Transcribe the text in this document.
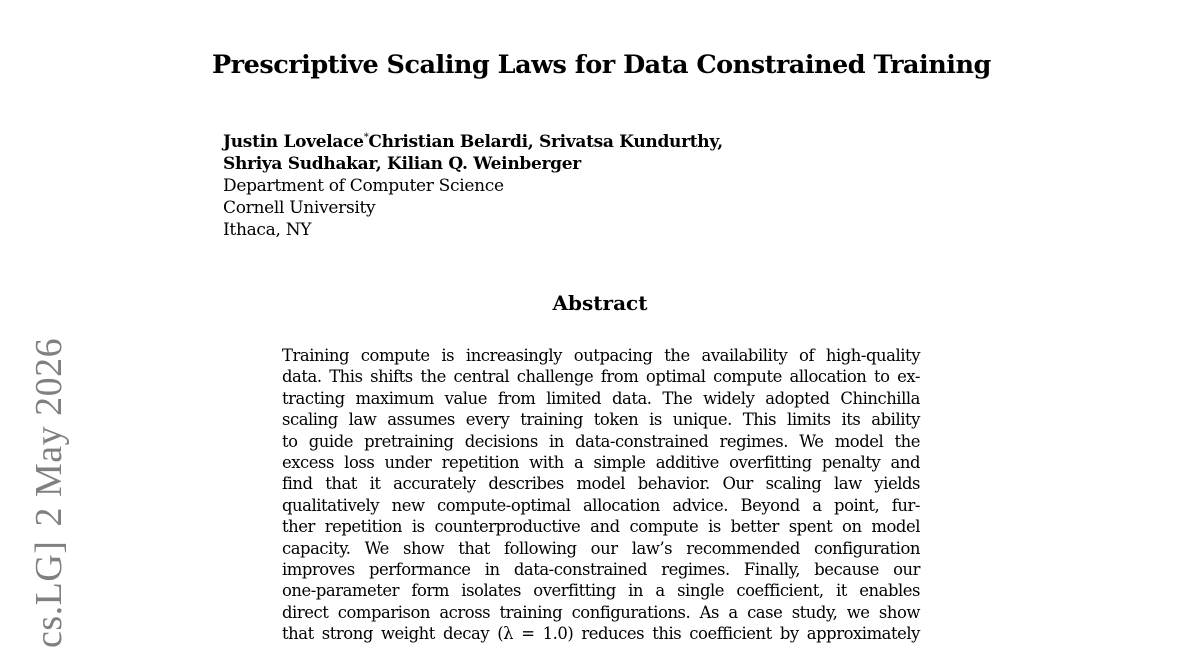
cs.LG]2 May 2026
Prescriptive Scaling Laws for Data Constrained Training
Justin Lovelace*Christian Belardi, Srivatsa Kundurthy,
Shriya Sudhakar, Kilian Q. Weinberger
Department of Computer Science
Cornell University
Ithaca, NY
Abstract
Training compute is increasingly outpacing the availability of high-quality
data. This shifts the central challenge from optimal compute allocation to ex-
tracting maximum value from limited data. The widely adopted Chinchilla
scaling law assumes every training token is unique. This limits its ability
to guide pretraining decisions in data-constrained regimes. We model the
excess loss under repetition with a simple additive overfitting penalty and
find that it accurately describes model behavior. Our scaling law yields
qualitatively new compute-optimal allocation advice. Beyond a point, fur-
ther repetition is counterproductive and compute is better spent on model
capacity. We show that following our law’s recommended configuration
improves performance in data-constrained regimes. Finally, because our
one-parameter form isolates overfitting in a single coefficient, it enables
direct comparison across training configurations. As a case study, we show
that strong weight decay (λ = 1.0) reduces this coefficient by approximately
